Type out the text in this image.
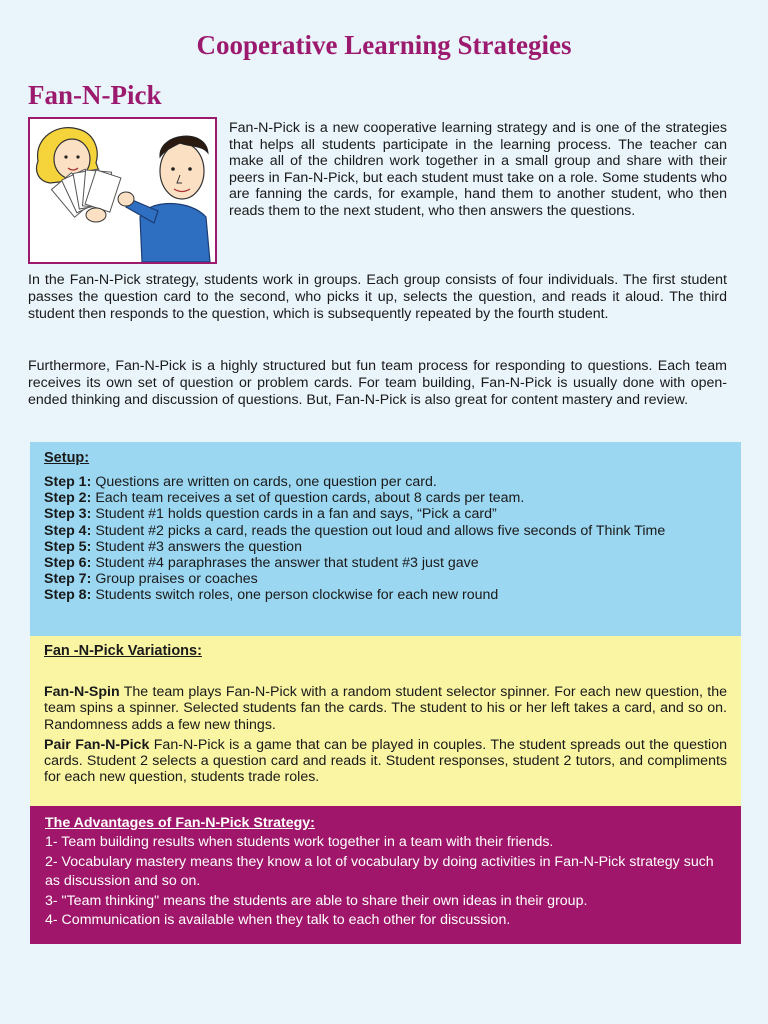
Cooperative Learning Strategies
Fan-N-Pick

Fan-N-Pick is a new cooperative learning strategy and is one of the strategies that helps all students participate in the learning process. The teacher can make all of the children work together in a small group and share with their peers in Fan-N-Pick, but each student must take on a role. Some students who are fanning the cards, for example, hand them to another student, who then reads them to the next student, who then answers the questions.

In the Fan-N-Pick strategy, students work in groups. Each group consists of four individuals. The first student passes the question card to the second, who picks it up, selects the question, and reads it aloud. The third student then responds to the question, which is subsequently repeated by the fourth student.

Furthermore, Fan-N-Pick is a highly structured but fun team process for responding to questions. Each team receives its own set of question or problem cards. For team building, Fan-N-Pick is usually done with open-ended thinking and discussion of questions. But, Fan-N-Pick is also great for content mastery and review.

Setup:
Step 1: Questions are written on cards, one question per card.
Step 2: Each team receives a set of question cards, about 8 cards per team.
Step 3: Student #1 holds question cards in a fan and says, “Pick a card”
Step 4: Student #2 picks a card, reads the question out loud and allows five seconds of Think Time
Step 5: Student #3 answers the question
Step 6: Student #4 paraphrases the answer that student #3 just gave
Step 7: Group praises or coaches
Step 8: Students switch roles, one person clockwise for each new round
Fan -N-Pick Variations:

Fan-N-Spin The team plays Fan-N-Pick with a random student selector spinner. For each new question, the team spins a spinner. Selected students fan the cards. The student to his or her left takes a card, and so on. Randomness adds a few new things.

Pair Fan-N-Pick Fan-N-Pick is a game that can be played in couples. The student spreads out the question cards. Student 2 selects a question card and reads it. Student responses, student 2 tutors, and compliments for each new question, students trade roles.

The Advantages of Fan-N-Pick Strategy:
1- Team building results when students work together in a team with their friends.
2- Vocabulary mastery means they know a lot of vocabulary by doing activities in Fan-N-Pick strategy such as discussion and so on.
3- "Team thinking" means the students are able to share their own ideas in their group.
4- Communication is available when they talk to each other for discussion.
